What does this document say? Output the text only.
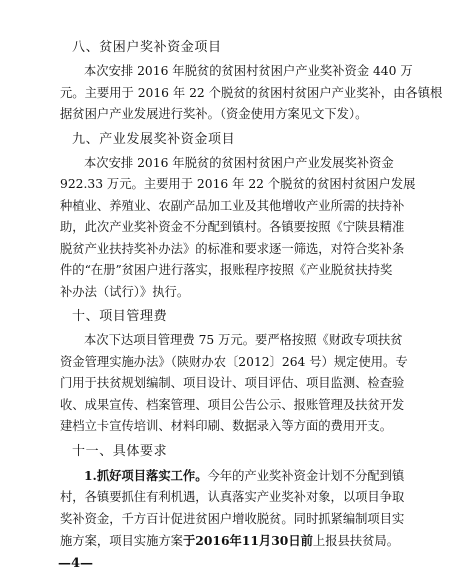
八、贫困户奖补资金项目
本次安排 2016 年脱贫的贫困村贫困户产业奖补资金 440 万
元。主要用于 2016 年 22 个脱贫的贫困村贫困户产业奖补，由各镇根
据贫困户产业发展进行奖补。（资金使用方案见文下发）。
九、产业发展奖补资金项目
本次安排 2016 年脱贫的贫困村贫困户产业发展奖补资金
922.33 万元。主要用于 2016 年 22 个脱贫的贫困村贫困户发展
种植业、养殖业、农副产品加工业及其他增收产业所需的扶持补
助，此次产业奖补资金不分配到镇村。各镇要按照《宁陕县精准
脱贫产业扶持奖补办法》的标准和要求逐一筛选，对符合奖补条
件的“在册”贫困户进行落实，报账程序按照《产业脱贫扶持奖
补办法（试行）》执行。
十、项目管理费
本次下达项目管理费 75 万元。要严格按照《财政专项扶贫
资金管理实施办法》（陕财办农〔2012〕264 号）规定使用。专
门用于扶贫规划编制、项目设计、项目评估、项目监测、检查验
收、成果宣传、档案管理、项目公告公示、报账管理及扶贫开发
建档立卡宣传培训、材料印刷、数据录入等方面的费用开支。
十一、具体要求
1.抓好项目落实工作。今年的产业奖补资金计划不分配到镇
村，各镇要抓住有利机遇，认真落实产业奖补对象，以项目争取
奖补资金，千方百计促进贫困户增收脱贫。同时抓紧编制项目实
施方案，项目实施方案于2016年11月30日前上报县扶贫局。
—4—
